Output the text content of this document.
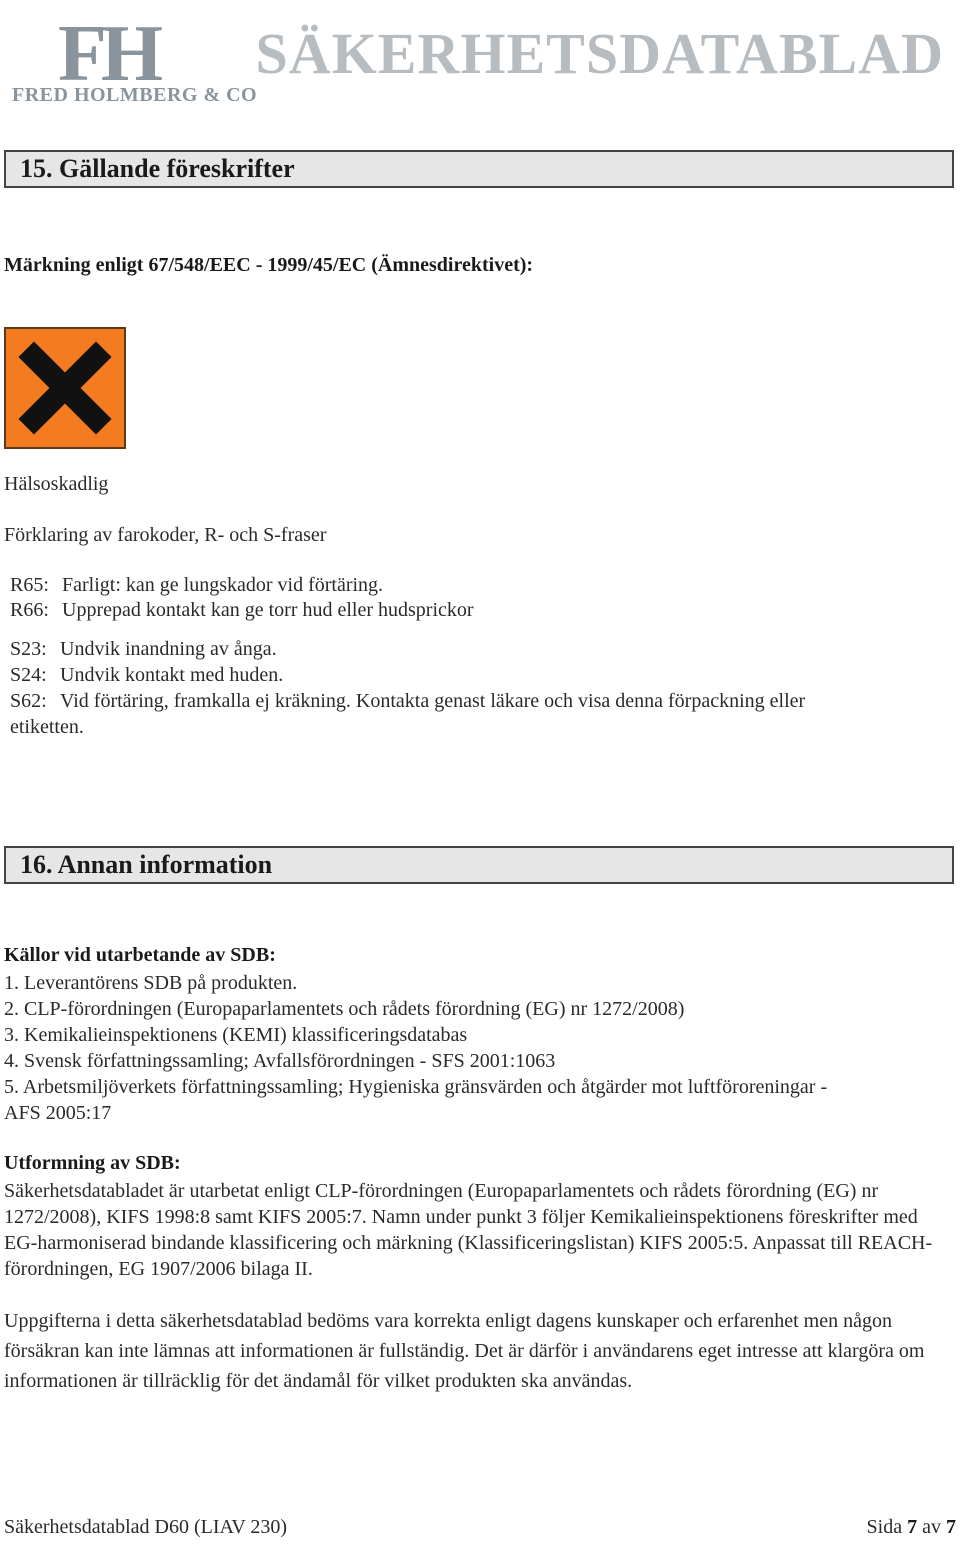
FH
FRED HOLMBERG & CO
SÄKERHETSDATABLAD
15. Gällande föreskrifter
Märkning enligt 67/548/EEC - 1999/45/EC (Ämnesdirektivet):
Hälsoskadlig
Förklaring av farokoder, R- och S-fraser
R65: Farligt: kan ge lungskador vid förtäring.
R66: Upprepad kontakt kan ge torr hud eller hudsprickor
S23: Undvik inandning av ånga.
S24: Undvik kontakt med huden.
S62: Vid förtäring, framkalla ej kräkning. Kontakta genast läkare och visa denna förpackning eller
etiketten.
16. Annan information
Källor vid utarbetande av SDB:
1. Leverantörens SDB på produkten.
2. CLP-förordningen (Europaparlamentets och rådets förordning (EG) nr 1272/2008)
3. Kemikalieinspektionens (KEMI) klassificeringsdatabas
4. Svensk författningssamling; Avfallsförordningen - SFS 2001:1063
5. Arbetsmiljöverkets författningssamling; Hygieniska gränsvärden och åtgärder mot luftföroreningar -
AFS 2005:17
Utformning av SDB:
Säkerhetsdatabladet är utarbetat enligt CLP-förordningen (Europaparlamentets och rådets förordning (EG) nr 1272/2008), KIFS 1998:8 samt KIFS 2005:7. Namn under punkt 3 följer Kemikalieinspektionens föreskrifter med EG-harmoniserad bindande klassificering och märkning (Klassificeringslistan) KIFS 2005:5. Anpassat till REACH-förordningen, EG 1907/2006 bilaga II.
Uppgifterna i detta säkerhetsdatablad bedöms vara korrekta enligt dagens kunskaper och erfarenhet men någon försäkran kan inte lämnas att informationen är fullständig. Det är därför i användarens eget intresse att klargöra om informationen är tillräcklig för det ändamål för vilket produkten ska användas.
Säkerhetsdatablad D60 (LIAV 230)	Sida 7 av 7
